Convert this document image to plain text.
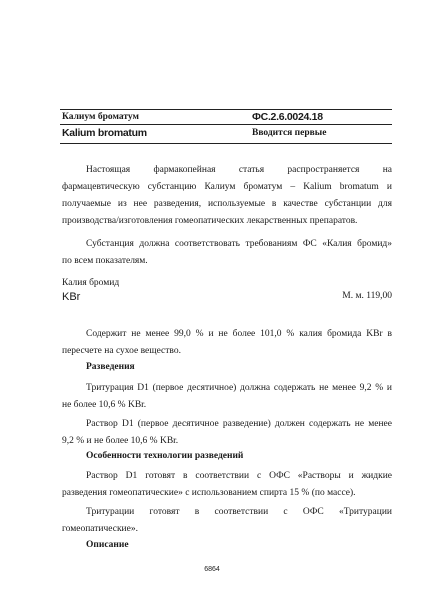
Калиум броматум	ФС.2.6.0024.18
Kalium bromatum	Вводится первые
Настоящая фармакопейная статья распространяется на
фармацевтическую субстанцию Калиум броматум – Kalium bromatum и
получаемые из нее разведения, используемые в качестве субстанции для
производства/изготовления гомеопатических лекарственных препаратов.
Субстанция должна соответствовать требованиям ФС «Калия бромид»
по всем показателям.
Калия бромид
KBr	М. м. 119,00
Содержит не менее 99,0 % и не более 101,0 % калия бромида KBr в
пересчете на сухое вещество.
Разведения
Тритурация D1 (первое десятичное) должна содержать не менее 9,2 % и
не более 10,6 % KBr.
Раствор D1 (первое десятичное разведение) должен содержать не менее
9,2 % и не более 10,6 % KBr.
Особенности технологии разведений
Раствор D1 готовят в соответствии с ОФС «Растворы и жидкие
разведения гомеопатические» с использованием спирта 15 % (по массе).
Тритурации готовят в соответствии с ОФС «Тритурации
гомеопатические».
Описание
6864
